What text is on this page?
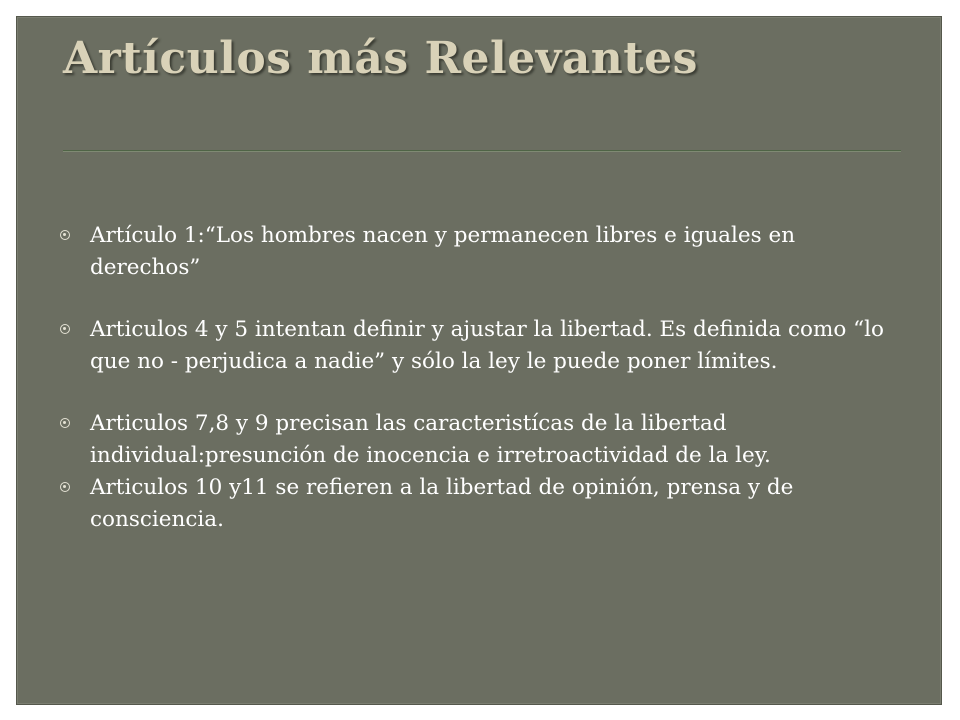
Artículos más Relevantes
Artículo 1:“Los hombres nacen y permanecen libres e iguales en derechos”
Articulos 4 y 5 intentan definir y ajustar la libertad. Es definida como “lo que no - perjudica a nadie” y sólo la ley le puede poner límites.
Articulos 7,8 y 9 precisan las caracteristícas de la libertad individual:presunción de inocencia e irretroactividad de la ley.
Articulos 10 y11 se refieren a la libertad de opinión, prensa y de consciencia.
